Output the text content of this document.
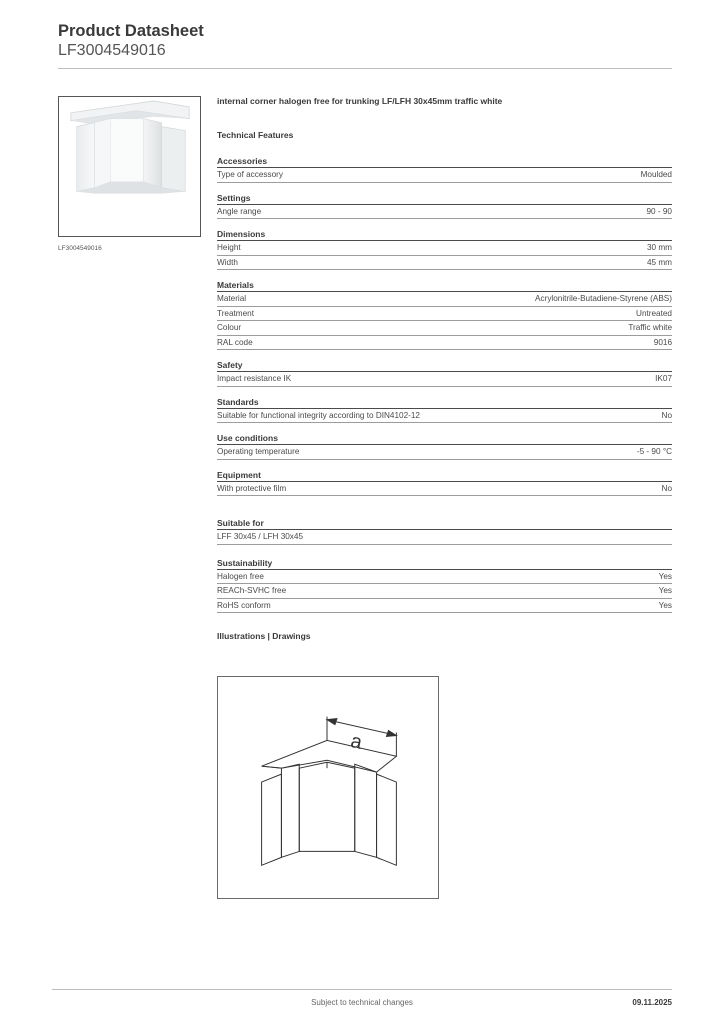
Product Datasheet
LF3004549016
LF3004549016
internal corner halogen free for trunking LF/LFH 30x45mm traffic white
Technical Features
Accessories
Type of accessory	Moulded
Settings
Angle range	90 - 90
Dimensions
Height	30 mm
Width	45 mm
Materials
Material	Acrylonitrile-Butadiene-Styrene (ABS)
Treatment	Untreated
Colour	Traffic white
RAL code	9016
Safety
Impact resistance IK	IK07
Standards
Suitable for functional integrity according to DIN4102-12	No
Use conditions
Operating temperature	-5 - 90 °C
Equipment
With protective film	No
Suitable for
LFF 30x45 / LFH 30x45
Sustainability
Halogen free	Yes
REACh-SVHC free	Yes
RoHS conform	Yes
Illustrations | Drawings
a
Subject to technical changes	09.11.2025
